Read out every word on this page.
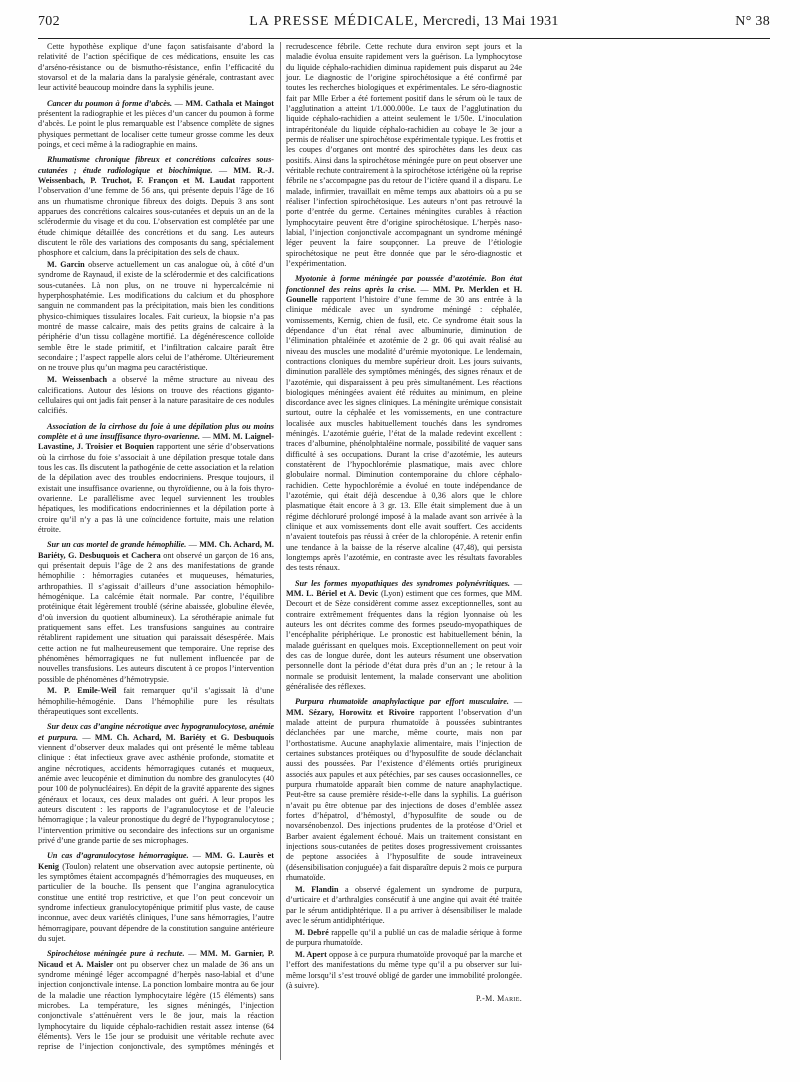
702	LA PRESSE MÉDICALE, Mercredi, 13 Mai 1931	N° 38

Cette hypothèse explique d’une façon satisfaisante d’abord la relativité de l’action spécifique de ces médications, ensuite les cas d’arséno-résistance ou de bismutho-résistance, enfin l’efficacité du stovarsol et de la malaria dans la paralysie générale, contrastant avec leur activité beaucoup moindre dans la syphilis jeune.

Cancer du poumon à forme d’abcès. — MM. Cathala et Maingot présentent la radiographie et les pièces d’un cancer du poumon à forme d’abcès. Le point le plus remarquable est l’absence complète de signes physiques permettant de localiser cette tumeur grosse comme les deux poings, et ceci même à la radiographie en mains.

Rhumatisme chronique fibreux et concrétions calcaires sous-cutanées ; étude radiologique et biochimique. — MM. R.-J. Weissenbach, P. Truchot, F. Françon et M. Laudat rapportent l’observation d’une femme de 56 ans, qui présente depuis l’âge de 16 ans un rhumatisme chronique fibreux des doigts. Depuis 3 ans sont apparues des concrétions calcaires sous-cutanées et depuis un an de la sclérodermie du visage et du cou. L’observation est complétée par une étude chimique détaillée des concrétions et du sang. Les auteurs discutent le rôle des variations des composants du sang, spécialement phosphore et calcium, dans la précipitation des sels de chaux.

M. Garcin observe actuellement un cas analogue où, à côté d’un syndrome de Raynaud, il existe de la sclérodermie et des calcifications sous-cutanées. Là non plus, on ne trouve ni hypercalcémie ni hyperphosphatémie. Les modifications du calcium et du phosphore sanguin ne commandent pas la précipitation, mais bien les conditions physico-chimiques tissulaires locales. Fait curieux, la biopsie n’a pas montré de masse calcaire, mais des petits grains de calcaire à la périphérie d’un tissu collagène mortifié. La dégénérescence colloïde semble être le stade primitif, et l’infiltration calcaire paraît être secondaire ; l’aspect rappelle alors celui de l’athérome. Ultérieurement on ne trouve plus qu’un magma peu caractéristique.

M. Weissenbach a observé la même structure au niveau des calcifications. Autour des lésions on trouve des réactions giganto-cellulaires qui ont jadis fait penser à la nature parasitaire de ces nodules calcifiés.

Association de la cirrhose du foie à une dépilation plus ou moins complète et à une insuffisance thyro-ovarienne. — MM. M. Laignel-Lavastine, J. Troisier et Boquien rapportent une série d’observations où la cirrhose du foie s’associait à une dépilation presque totale dans tous les cas. Ils discutent la pathogénie de cette association et la relation de la dépilation avec des troubles endocriniens. Presque toujours, il existait une insuffisance ovarienne, ou thyroïdienne, ou à la fois thyro-ovarienne. Le parallélisme avec lequel surviennent les troubles hépatiques, les modifications endocriniennes et la dépilation porte à croire qu’il n’y a pas là une coïncidence fortuite, mais une relation étroite.

Sur un cas mortel de grande hémophilie. — MM. Ch. Achard, M. Bariéty, G. Desbuquois et Cachera ont observé un garçon de 16 ans, qui présentait depuis l’âge de 2 ans des manifestations de grande hémophilie : hémorragies cutanées et muqueuses, hématuries, arthropathies. Il s’agissait d’ailleurs d’une association hémophilo-hémogénique. La calcémie était normale. Par contre, l’équilibre protéinique était légèrement troublé (sérine abaissée, globuline élevée, d’où inversion du quotient albumineux). La sérothérapie animale fut pratiquement sans effet. Les transfusions sanguines au contraire rétablirent rapidement une situation qui paraissait désespérée. Mais cette action ne fut malheureusement que temporaire. Une reprise des phénomènes hémorragiques ne fut nullement influencée par de nouvelles transfusions. Les auteurs discutent à ce propos l’intervention possible de phénomènes d’hémotrypsie.

M. P. Emile-Weil fait remarquer qu’il s’agissait là d’une hémophilie-hémogénie. Dans l’hémophilie pure les résultats thérapeutiques sont excellents.

Sur deux cas d’angine nécrotique avec hypogranulocytose, anémie et purpura. — MM. Ch. Achard, M. Bariéty et G. Desbuquois viennent d’observer deux malades qui ont présenté le même tableau clinique : état infectieux grave avec asthénie profonde, stomatite et angine nécrotiques, accidents hémorragiques cutanés et muqueux, anémie avec leucopénie et diminution du nombre des granulocytes (40 pour 100 de polynucléaires). En dépit de la gravité apparente des signes généraux et locaux, ces deux malades ont guéri. A leur propos les auteurs discutent : les rapports de l’agranulocytose et de l’aleucie hémorragique ; la valeur pronostique du degré de l’hypogranulocytose ; l’intervention primitive ou secondaire des infections sur un organisme privé d’une grande partie de ses microphages.

Un cas d’agranulocytose hémorragique. — MM. G. Laurès et Kenig (Toulon) relatent une observation avec autopsie pertinente, où les symptômes étaient accompagnés d’hémorragies des muqueuses, en particulier de la bouche. Ils pensent que l’angina agranulocytica constitue une entité trop restrictive, et que l’on peut concevoir un syndrome infectieux granulocytopénique primitif plus vaste, de cause inconnue, avec deux variétés cliniques, l’une sans hémorragies, l’autre hémorragipare, pouvant dépendre de la constitution sanguine antérieure du sujet.

Spirochétose méningée pure à rechute. — MM. M. Garnier, P. Nicaud et A. Maisler ont pu observer chez un malade de 36 ans un syndrome méningé léger accompagné d’herpès naso-labial et d’une injection conjonctivale intense. La ponction lombaire montra au 6e jour de la maladie une réaction lymphocytaire légère (15 éléments) sans microbes. La température, les signes méningés, l’injection conjonctivale s’atténuèrent vers le 8e jour, mais la réaction lymphocytaire du liquide céphalo-rachidien restait assez intense (64 éléments). Vers le 15e jour se produisit une véritable rechute avec reprise de l’injection conjonctivale, des symptômes méningés et recrudescence fébrile. Cette rechute dura environ sept jours et la maladie évolua ensuite rapidement vers la guérison. La lymphocytose du liquide céphalo-rachidien diminua rapidement puis disparut au 24e jour. Le diagnostic de l’origine spirochétosique a été confirmé par toutes les recherches biologiques et expérimentales. Le séro-diagnostic fait par Mlle Erber a été fortement positif dans le sérum où le taux de l’agglutination a atteint 1/1.000.000e. Le taux de l’agglutination du liquide céphalo-rachidien a atteint seulement le 1/50e. L’inoculation intrapéritonéale du liquide céphalo-rachidien au cobaye le 3e jour a permis de réaliser une spirochétose expérimentale typique. Les frottis et les coupes d’organes ont montré des spirochètes dans les deux cas positifs. Ainsi dans la spirochétose méningée pure on peut observer une véritable rechute contrairement à la spirochétose ictérigène où la reprise fébrile ne s’accompagne pas du retour de l’ictère quand il a disparu. Le malade, infirmier, travaillait en même temps aux abattoirs où a pu se réaliser l’infection spirochétosique. Les auteurs n’ont pas retrouvé la porte d’entrée du germe. Certaines méningites curables à réaction lymphocytaire peuvent être d’origine spirochétosique. L’herpès naso-labial, l’injection conjonctivale accompagnant un syndrome méningé léger peuvent la faire soupçonner. La preuve de l’étiologie spirochétosique ne peut être donnée que par le séro-diagnostic et l’expérimentation.

Myotonie à forme méningée par poussée d’azotémie. Bon état fonctionnel des reins après la crise. — MM. Pr. Merklen et H. Gounelle rapportent l’histoire d’une femme de 30 ans entrée à la clinique médicale avec un syndrome méningé : céphalée, vomissements, Kernig, chien de fusil, etc. Ce syndrome était sous la dépendance d’un état rénal avec albuminurie, diminution de l’élimination phtaléinée et azotémie de 2 gr. 06 qui avait réalisé au niveau des muscles une modalité d’urémie myotonique. Le lendemain, contractions cloniques du membre supérieur droit. Les jours suivants, diminution parallèle des symptômes méningés, des signes rénaux et de l’azotémie, qui disparaissent à peu près simultanément. Les réactions biologiques méningées avaient été réduites au minimum, en pleine discordance avec les signes cliniques. La méningite urémique consistait surtout, outre la céphalée et les vomissements, en une contracture localisée aux muscles habituellement touchés dans les syndromes méningés. L’azotémie guérie, l’état de la malade redevint excellent : traces d’albumine, phénolphtaléine normale, possibilité de vaquer sans difficulté à ses occupations. Durant la crise d’azotémie, les auteurs constatèrent de l’hypochlorémie plasmatique, mais avec chlore globulaire normal. Diminution contemporaine du chlore céphalo-rachidien. Cette hypochlorémie a évolué en toute indépendance de l’azotémie, qui était déjà descendue à 0,36 alors que le chlore plasmatique était encore à 3 gr. 13. Elle était simplement due à un régime déchloruré prolongé imposé à la malade avant son arrivée à la clinique et aux vomissements dont elle avait souffert. Ces accidents n’avaient toutefois pas réussi à créer de la chloropénie. A retenir enfin une tendance à la baisse de la réserve alcaline (47,48), qui persista longtemps après l’azotémie, en contraste avec les résultats favorables des tests rénaux.

Sur les formes myopathiques des syndromes polynévritiques. — MM. L. Bériel et A. Devic (Lyon) estiment que ces formes, que MM. Decourt et de Sèze considèrent comme assez exceptionnelles, sont au contraire extrêmement fréquentes dans la région lyonnaise où les auteurs les ont décrites comme des formes pseudo-myopathiques de l’encéphalite périphérique. Le pronostic est habituellement bénin, la malade guérissant en quelques mois. Exceptionnellement on peut voir des cas de longue durée, dont les auteurs résument une observation personnelle dont la période d’état dura près d’un an ; le retour à la normale se produisit lentement, la malade conservant une abolition généralisée des réflexes.

Purpura rhumatoïde anaphylactique par effort musculaire. — MM. Sézary, Horowitz et Rivoire rapportent l’observation d’un malade atteint de purpura rhumatoïde à poussées subintrantes déclanchées par une marche, même courte, mais non par l’orthostatisme. Aucune anaphylaxie alimentaire, mais l’injection de certaines substances protéiques ou d’hyposulfite de soude déclanchait aussi des poussées. Par l’existence d’éléments ortiés prurigineux associés aux papules et aux pétéchies, par ses causes occasionnelles, ce purpura rhumatoïde apparaît bien comme de nature anaphylactique. Peut-être sa cause première réside-t-elle dans la syphilis. La guérison n’avait pu être obtenue par des injections de doses d’emblée assez fortes d’hépatrol, d’hémostyl, d’hyposulfite de soude ou de novarsénobenzol. Des injections prudentes de la protéose d’Oriel et Barber avaient également échoué. Mais un traitement consistant en injections sous-cutanées de petites doses progressivement croissantes de peptone associées à l’hyposulfite de soude intraveineux (désensibilisation conjuguée) a fait disparaître depuis 2 mois ce purpura rhumatoïde.

M. Flandin a observé également un syndrome de purpura, d’urticaire et d’arthralgies consécutif à une angine qui avait été traitée par le sérum antidiphtérique. Il a pu arriver à désensibiliser le malade avec le sérum antidiphtérique.

M. Debré rappelle qu’il a publié un cas de maladie sérique à forme de purpura rhumatoïde.

M. Apert oppose à ce purpura rhumatoïde provoqué par la marche et l’effort des manifestations du même type qu’il a pu observer sur lui-même lorsqu’il s’est trouvé obligé de garder une immobilité prolongée. (à suivre).

P.-M. Marie.
